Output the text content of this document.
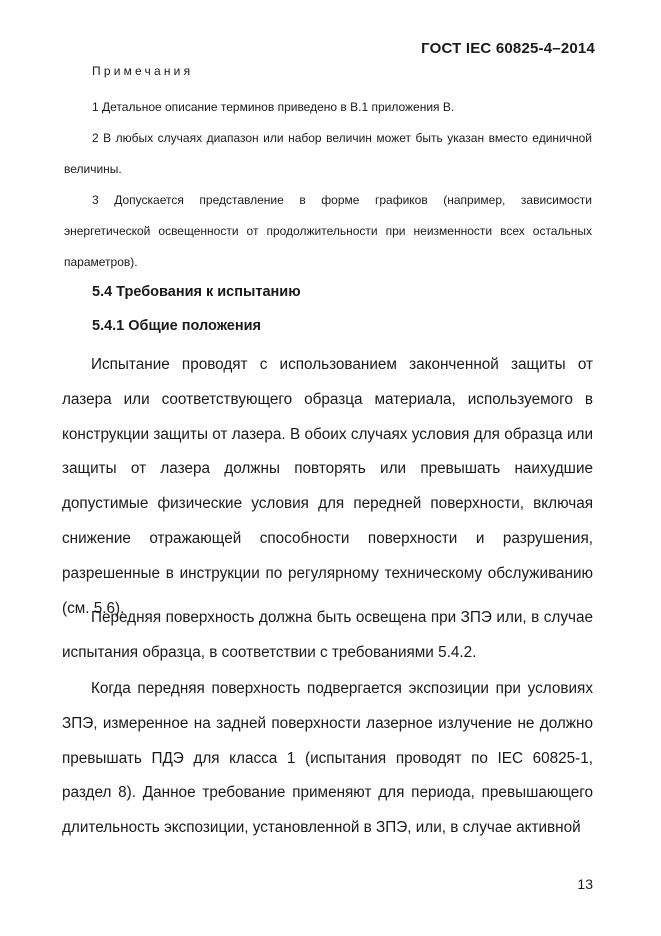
ГОСТ IEC 60825-4–2014
Примечания

1 Детальное описание терминов приведено в В.1 приложения В.

2 В любых случаях диапазон или набор величин может быть указан вместо единичной величины.

3 Допускается представление в форме графиков (например, зависимости энергетической освещенности от продолжительности при неизменности всех остальных параметров).

5.4 Требования к испытанию
5.4.1 Общие положения

Испытание проводят с использованием законченной защиты от лазера или соответствующего образца материала, используемого в конструкции защиты от лазера. В обоих случаях условия для образца или защиты от лазера должны повторять или превышать наихудшие допустимые физические условия для передней поверхности, включая снижение отражающей способности поверхности и разрушения, разрешенные в инструкции по регулярному техническому обслуживанию (см. 5.6).

Передняя поверхность должна быть освещена при ЗПЭ или, в случае испытания образца, в соответствии с требованиями 5.4.2.

Когда передняя поверхность подвергается экспозиции при условиях ЗПЭ, измеренное на задней поверхности лазерное излучение не должно превышать ПДЭ для класса 1 (испытания проводят по IEC 60825-1, раздел 8). Данное требование применяют для периода, превышающего длительность экспозиции, установленной в ЗПЭ, или, в случае активной

13
